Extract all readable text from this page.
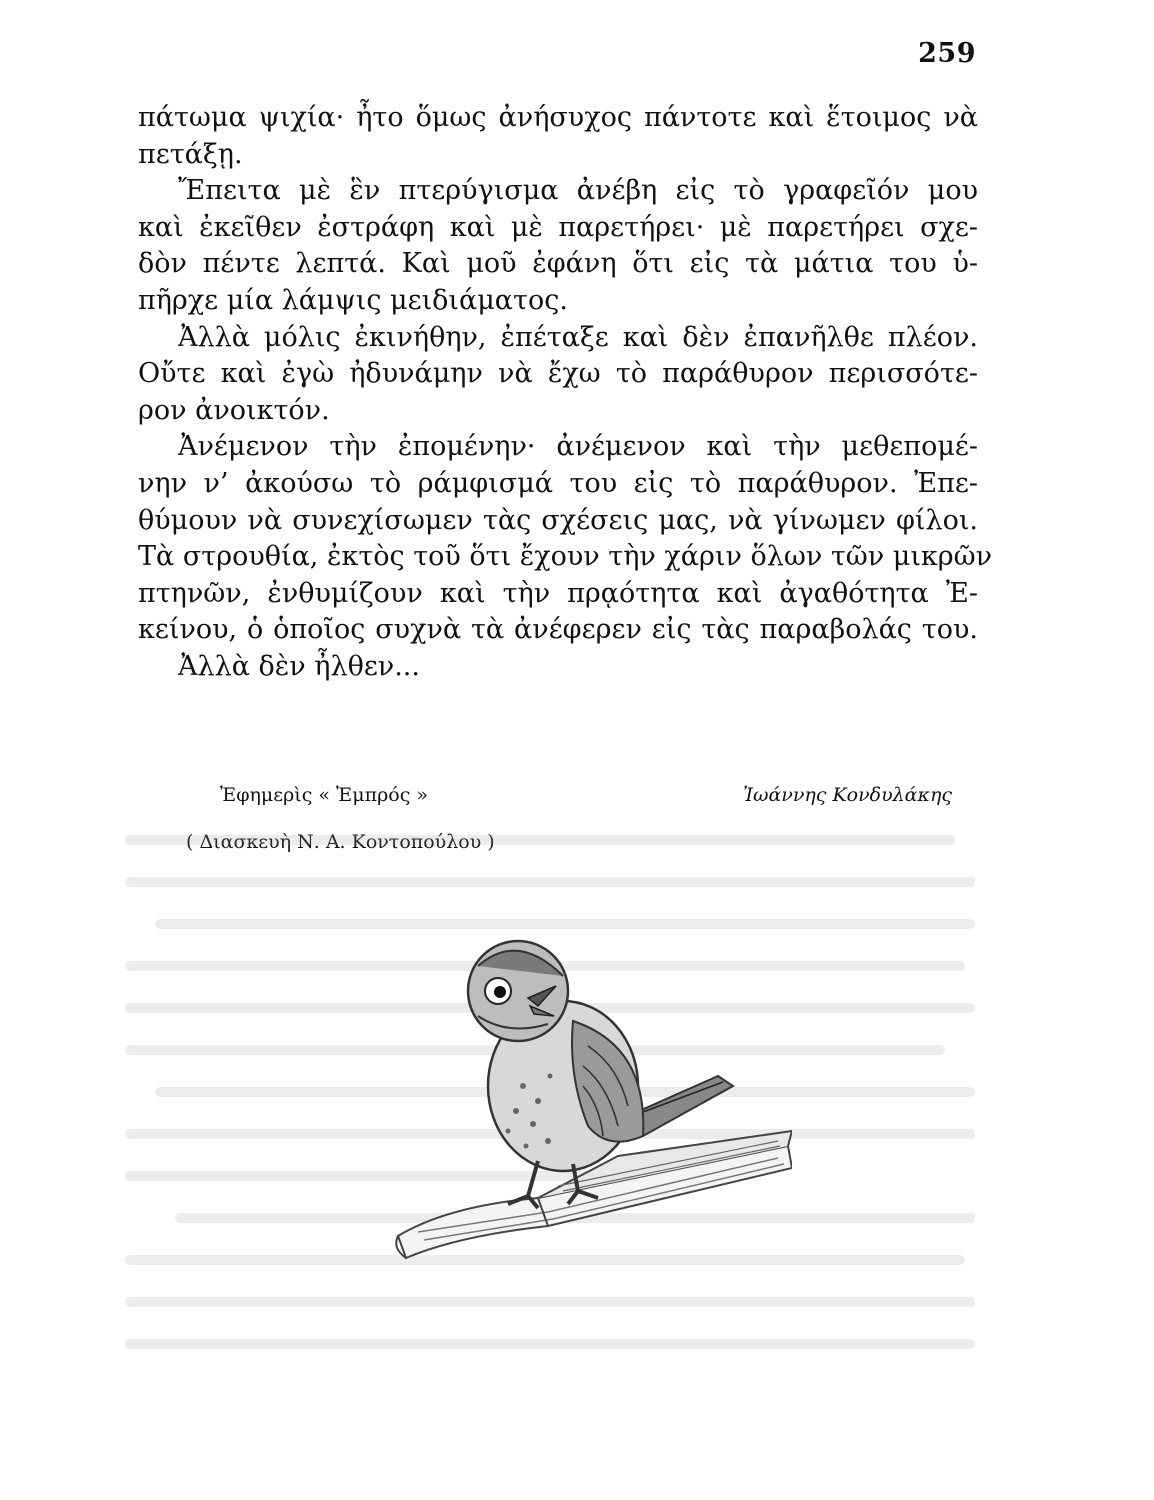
259
πάτωμα ψιχία· ἦτο ὅμως ἀνήσυχος πάντοτε καὶ ἕτοιμος νὰ
πετάξῃ.
Ἔπειτα μὲ ἓν πτερύγισμα ἀνέβη εἰς τὸ γραφεῖόν μου
καὶ ἐκεῖθεν ἐστράφη καὶ μὲ παρετήρει· μὲ παρετήρει σχε-
δὸν πέντε λεπτά. Καὶ μοῦ ἐφάνη ὅτι εἰς τὰ μάτια του ὑ-
πῆρχε μία λάμψις μειδιάματος.
Ἀλλὰ μόλις ἐκινήθην, ἐπέταξε καὶ δὲν ἐπανῆλθε πλέον.
Οὔτε καὶ ἐγὼ ἠδυνάμην νὰ ἔχω τὸ παράθυρον περισσότε-
ρον ἀνοικτόν.
Ἀνέμενον τὴν ἐπομένην· ἀνέμενον καὶ τὴν μεθεπομέ-
νην ν’ ἀκούσω τὸ ράμφισμά του εἰς τὸ παράθυρον. Ἐπε-
θύμουν νὰ συνεχίσωμεν τὰς σχέσεις μας, νὰ γίνωμεν φίλοι.
Τὰ στρουθία, ἐκτὸς τοῦ ὅτι ἔχουν τὴν χάριν ὅλων τῶν μικρῶν
πτηνῶν, ἐνθυμίζουν καὶ τὴν πρᾳότητα καὶ ἀγαθότητα Ἐ-
κείνου, ὁ ὁποῖος συχνὰ τὰ ἀνέφερεν εἰς τὰς παραβολάς του.
Ἀλλὰ δὲν ἦλθεν...
Ἐφημερὶς « Ἐμπρός »	Ἰωάννης Κονδυλάκης
( Διασκευὴ Ν. Α. Κοντοπούλου )
